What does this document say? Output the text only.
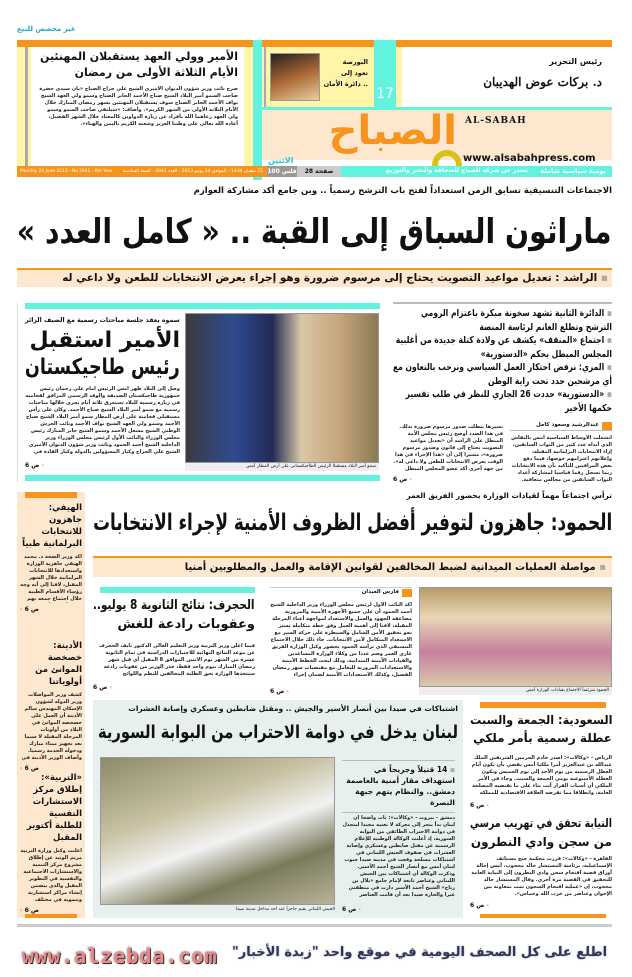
غير مخصص للبيع
الأمير وولي العهد يستقبلان المهنئين
الأيام الثلاثة الأولى من رمضان
صرح نائب وزير شؤون الديوان الأميري الشيخ علي جراح الصباح «بأن سيدي حضرة صاحب السمو أمير البلاد الشيخ صباح الأحمد الجابر الصباح وسمو ولي العهد الشيخ نواف الأحمد الجابر الصباح سوف يستقبلان المهنئين بشهر رمضان المبارك خلال الأيام الثلاثة الأولى من الشهر الكريم». وأضاف: «سيلتقي صاحب السمو وسمو ولي العهد رعاهما الله بأفراد عن زيارة الدواوين كالمعتاد خلال الشهر الفضيل، أعاده الله تعالى على وطننا العزيز وشعبه الكريم باليمن والهناء».
البورصة
تعود إلى
.. دائرة الأمان
17
رئيس التحرير
د. بركات عوض الهديبان
الصباح AL-SABAH
www.alsabahpress.com
الاثنين
Monday 24 June 2013 - No 2941 - 6th Year	15 شعبان 1434 - الموافق 24 يونيو 2013 - العدد 2941 - السنة السادسة 100 فلس	28 صفحة	يومية سياسية شاملة
تصدر عن شركة الصباح للصحافة والنشر والتوزيع
الاجتماعات التنسيقية تسابق الزمن استعداداً لفتح باب الترشح رسمياً .. وبن جامع أكد مشاركة العوازم
ماراثون السباق إلى القبة .. « كامل العدد »
▪ الراشد : تعديل مواعيد التصويت يحتاج إلى مرسوم ضرورة وهو إجراء يعرض الانتخابات للطعن ولا داعي له
سمو أمير البلاد مستقبلا الرئيس الطاجيكستاني على أرض المطار أمس
سموه يعقد جلسة مباحثات رسمية مع الضيف الزائر
الأمير استقبل
رئيس طاجيكستان
وصل إلى البلاد ظهر أمس الرئيس امام علي رحمان رئيس جمهورية طاجيكستان الصديقة والوفد الرسمي المرافق لفخامته في زيارة رسمية للبلاد تستغرق ثلاثة أيام يجري خلالها مباحثات رسمية مع سمو أمير البلاد الشيخ صباح الأحمد. وكان على رأس مستقبلي فخامته على أرض المطار سمو أمير البلاد الشيخ صباح الأحمد وسمو ولي العهد الشيخ نواف الأحمد ونائب الحرس الوطني الشيخ مشعل الأحمد وسمو الشيخ جابر المبارك رئيس مجلس الوزراء والنائب الأول لرئيس مجلس الوزراء وزير الداخلية الشيخ أحمد الحمود ونائب وزير شؤون الديوان الأميري الشيخ علي الجراح وكبار المسؤولين بالدولة وكبار القادة في
ص 6 ‹
▪ الدائرة الثانية تشهد سخونة مبكرة باعتزام الرومي الترشح وتطلع الغانم لرئاسة المنصة
▪ اجتماع «المنقف» يكشف عن ولادة كتلة جديدة من أغلبية المجلس المبطل بحكم «الدستورية»
▪ المري: نرفض احتكار العمل السياسي ونرحب بالتعاون مع أي مرشحين جدد تحت راية الوطن
▪ «الدستورية» حددت 26 الجاري للنظر في طلب تفسير حكمها الأخير
عبدالرشيد وسعود كامل
انشغلت الأوساط السياسية أمس بالنقاش الذي أبداه عدد كبير من النواب السابقين، إزاء الانتخابات البرلمانية المقبلة، وإعلانهم اعتزامهم خوضها، فيما دفع بعض المراقبين للتأكيد بأن هذه الانتخابات ربما تسجل رقما قياسيا لمشاركة أعداد النواب السابقين من مجالس متعاقبة.
تغييرها يتطلب صدور مرسوم ضرورة بذلك. في هذا الصدد أوضح رئيس مجلس الأمة المبطل علي الراشد أن «تعديل مواعيد التصويت يحتاج إلى قانون وصدور مرسوم ضرورة»، مشيرا إلى أن «هذا الإجراء في هذا الوقت يعرض الانتخابات للطعن ولا داعي له». من جهة أخرى أكد عضو المجلس المبطل
ص 6 ‹
الهيفي: جاهزون للانتخابات البرلمانية طبياً
أكد وزير الصحة د. محمد الهيفي جاهزية الوزارة واستعدادها للانتخابات البرلمانية خلال الشهر المقبل، لافتا إلى أنه وجه رؤساء الأقسام الطبية خلال اجتماع جمعه بهم
ص 6 ‹
الأدينة: خصخصة الموانئ من أولوياتنا
كشف وزير المواصلات وزير الدولة لشؤون الإسكان المهندس سالم الأذينة أن العمل على خصخصة الموانئ في البلاد من أولويات المرحلة المقبلة لا سيما بعد تجهيز ميناء مبارك ودخوله الخدمة رسميا. وأضاف الوزير الأذينة في
ص 6 ‹
«التربية»: إطلاق مركز الاستشارات النفسية للطلبة أكتوبر المقبل
أعلنت وكيل وزارة التربية مريم الوتيد عن إطلاق مشروع مركز التنمية والاستشارات الاجتماعية والنفسية في التطوير المقبل والذي يتضمن إنشاء مراكز استشارية وتنموية في مختلف
ص 6 ‹
ترأس اجتماعاً مهماً لقيادات الوزارة بحضور الفريق العمر
الحمود: جاهزون لتوفير أفضل الظروف الأمنية لإجراء الانتخابات
▪ مواصلة العمليات الميدانية لضبط المخالفين لقوانين الإقامة والعمل والمطلوبين أمنيا
الحمود مترئساً الاجتماع بقيادات الوزارة أمس
فارس العيدان
أكد النائب الأول لرئيس مجلس الوزراء وزير الداخلية الشيخ أحمد الحمود أن على جميع الأجهزة الأمنية والمرورية مضاعفة الجهود والعمل والاستعداد لمواجهة أعباء المرحلة المقبلة، لافتا إلى أهمية العمل وفق خطة متكاملة تسير نحو تحقيق الأمن الشامل والسيطرة على حركة السير مع الاستعداد المتكامل لأمن الانتخابات. جاء ذلك خلال الاجتماع التنسيقي الذي ترأسه الحمود بحضور وكيل الوزارة الفريق غازي العمر وضم عددا من وكلاء الوزارة المساعدين والقيادات الأمنية الميدانية، وذلك لبحث الخطط الأمنية والاستعدادات المرورية للتعامل مع مقتضيات شهر رمضان الفضيل، وكذلك الاستعدادات الأمنية لضمان إجراء
ص 6 ‹
الحجرف: نتائج الثانوية 8 يوليو..
وعقوبات رادعة للغش
فيما أعلن وزير التربية وزير التعليم العالي الدكتور نايف الحجرف عن موعد النتائج النهائية للاختبارات الدراسية في ثمام الثانوية عشرة من الشهر يوم الاثنين الموافق 8 المقبل أي قبل شهر رمضان المبارك بيوم واحد فقط، حذر الوزير من عقوبات رادعة ستتخذها الوزارة بحق الطلبة المخالفين للنظم واللوائح
ص 6 ‹
اشتباكات في صيدا بين أنصار الأسير والجيش .. ومقتل ضابطين وعسكري وإصابة العشرات
لبنان يدخل في دوامة الاحتراب من البوابة السورية
الجيش اللبناني يقيم حاجزاً عند أحد مداخل مدينة صيدا
▪ 14 قتيلاً وجريحاً في استهداف مقار أمنية بالعاصمة دمشق.. والنظام يتهم جبهة النصرة
دمشق - بيروت - «وكالات»: بات واضحا أن لبنان بدأ ينجر إلى معركة لا تعنيه مجيدا لينجذل في دوامة الاحتراب الطائفي من البوابة السورية، إذ أعلنت الوكالة الوطنية للإعلام الرسمية عن مقتل ضابطين وعسكري وإصابة العشرات في صفوف الجيش اللبناني في اشتباكات مسلحة وقعت في مدينة صيدا جنوب لبنان أمس مع أنصار الشيخ أحمد الأسير. وذكرت الوكالة أن اشتباكات بين الجيش اللبناني وعناصر تابعة لإمام جامع «بلال بن رباح» الشيخ أحمد الأسير دارت في منطقتي عبرا والحارة صيدا بعد أن قامت العناصر
ص 6 ‹
السعودية: الجمعة والسبت
عطلة رسمية بأمر ملكي
الرياض - «وكالات»: أصدر خادم الحرمين الشريفين الملك عبدالله بن عبدالعزيز أمرا ملكيا أمس يقضي بأن تكون أيام العطل الرسمية من يوم الأحد إلى يوم الخميس وتكون العطلة الأسبوعية يومي الجمعة والسبت. وجاء في الأمر الملكي أن أسباب القرار أتت بناء على ما تقتضيه المصلحة العامة، وانطلاقا مما تفرضه العلاقة الاقتصادية للمملكة
ص 6 ‹
النيابة تحقق في تهريب مرسي
من سجن وادي النطرون
القاهرة - «وكالات»: قررت محكمة جنح مستأنف الإسماعيلية، برئاسة المستشار خالد محجوب، أمس إحالة أوراق قضية اقتحام سجن وادي النطرون إلى النيابة العامة للتحقيق في القضية مرة أخرى. وقال المستشار خالد محجوب، إن «عملية اقتحام السجون تمت بمعاونة بين الإخوان وعناصر من حزب الله وحماس».
ص 6 ‹
www.alzebda.com	اطلع على كل الصحف اليومية في موقع واحد "زبدة الأخبار"
